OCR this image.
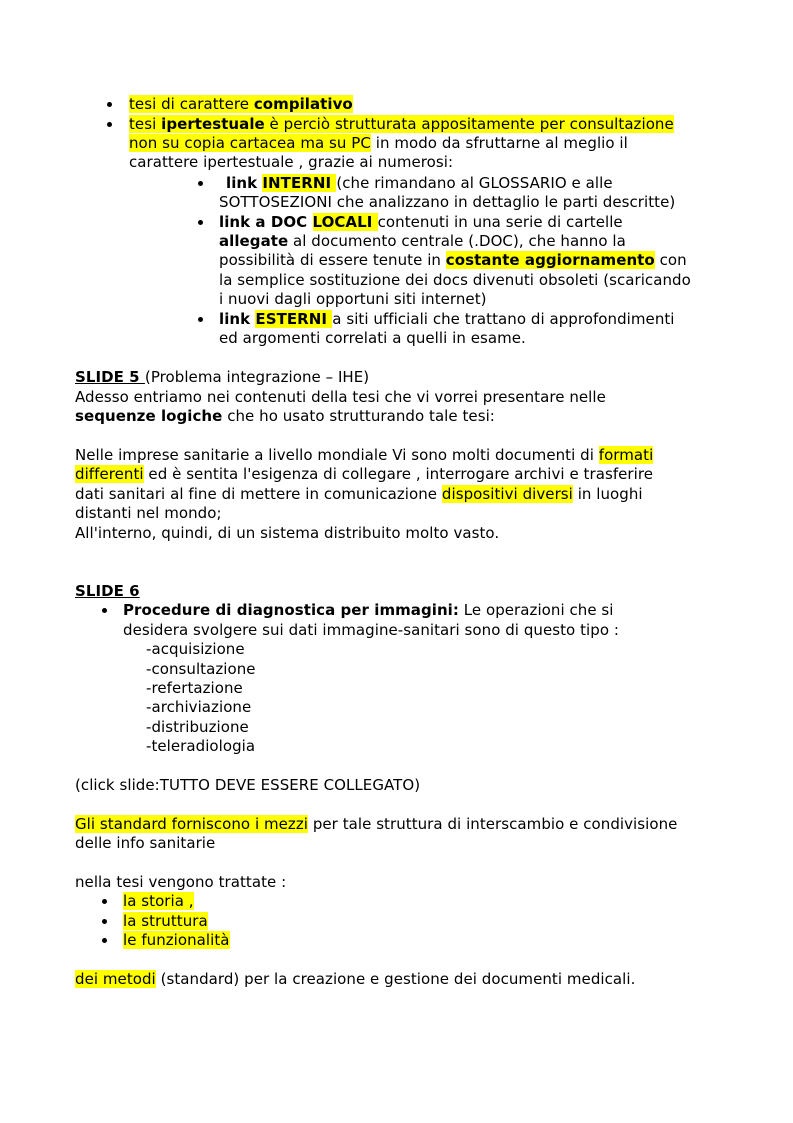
tesi di carattere compilativo
tesi ipertestuale è perciò strutturata appositamente per consultazione
non su copia cartacea ma su PC in modo da sfruttarne al meglio il
carattere ipertestuale , grazie ai numerosi:
link INTERNI (che rimandano al GLOSSARIO e alle
SOTTOSEZIONI che analizzano in dettaglio le parti descritte)
link a DOC LOCALI contenuti in una serie di cartelle
allegate al documento centrale (.DOC), che hanno la
possibilità di essere tenute in costante aggiornamento con
la semplice sostituzione dei docs divenuti obsoleti (scaricando
i nuovi dagli opportuni siti internet)
link ESTERNI a siti ufficiali che trattano di approfondimenti
ed argomenti correlati a quelli in esame.
SLIDE 5 (Problema integrazione – IHE)
Adesso entriamo nei contenuti della tesi che vi vorrei presentare nelle
sequenze logiche che ho usato strutturando tale tesi:
Nelle imprese sanitarie a livello mondiale Vi sono molti documenti di formati
differenti ed è sentita l'esigenza di collegare , interrogare archivi e trasferire
dati sanitari al fine di mettere in comunicazione dispositivi diversi in luoghi
distanti nel mondo;
All'interno, quindi, di un sistema distribuito molto vasto.
SLIDE 6
Procedure di diagnostica per immagini: Le operazioni che si
desidera svolgere sui dati immagine-sanitari sono di questo tipo :
-acquisizione
-consultazione
-refertazione
-archiviazione
-distribuzione
-teleradiologia
(click slide:TUTTO DEVE ESSERE COLLEGATO)
Gli standard forniscono i mezzi per tale struttura di interscambio e condivisione
delle info sanitarie
nella tesi vengono trattate :
la storia ,
la struttura
le funzionalità
dei metodi (standard) per la creazione e gestione dei documenti medicali.
